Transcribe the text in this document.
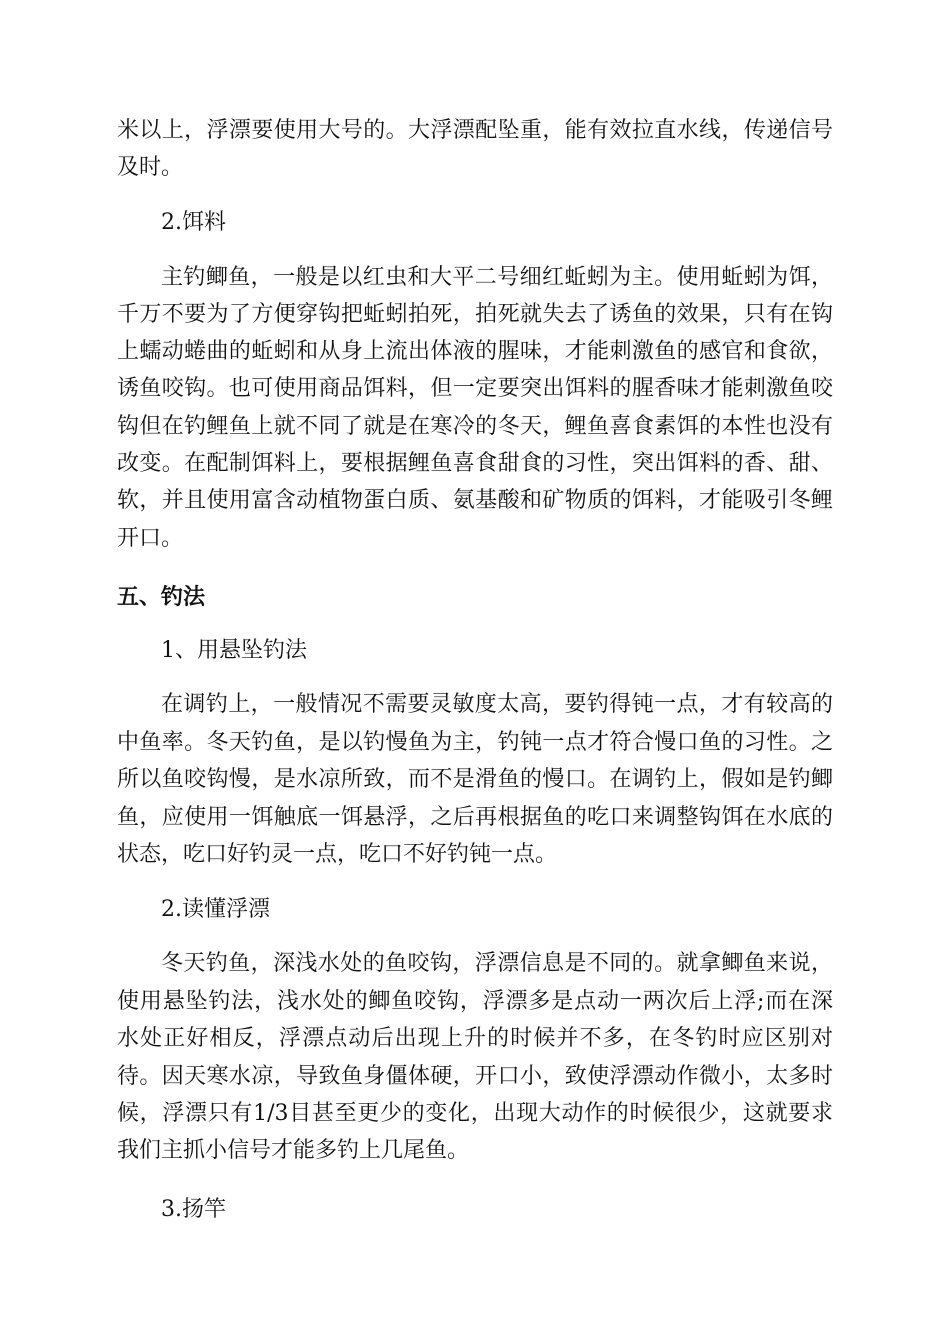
米以上，浮漂要使用大号的。大浮漂配坠重，能有效拉直水线，传递信号
及时。
2.饵料
主钓鲫鱼，一般是以红虫和大平二号细红蚯蚓为主。使用蚯蚓为饵，
千万不要为了方便穿钩把蚯蚓拍死，拍死就失去了诱鱼的效果，只有在钩
上蠕动蜷曲的蚯蚓和从身上流出体液的腥味，才能刺激鱼的感官和食欲，
诱鱼咬钩。也可使用商品饵料，但一定要突出饵料的腥香味才能刺激鱼咬
钩但在钓鲤鱼上就不同了就是在寒冷的冬天，鲤鱼喜食素饵的本性也没有
改变。在配制饵料上，要根据鲤鱼喜食甜食的习性，突出饵料的香、甜、
软，并且使用富含动植物蛋白质、氨基酸和矿物质的饵料，才能吸引冬鲤
开口。
五、钓法
1、用悬坠钓法
在调钓上，一般情况不需要灵敏度太高，要钓得钝一点，才有较高的
中鱼率。冬天钓鱼，是以钓慢鱼为主，钓钝一点才符合慢口鱼的习性。之
所以鱼咬钩慢，是水凉所致，而不是滑鱼的慢口。在调钓上，假如是钓鲫
鱼，应使用一饵触底一饵悬浮，之后再根据鱼的吃口来调整钩饵在水底的
状态，吃口好钓灵一点，吃口不好钓钝一点。
2.读懂浮漂
冬天钓鱼，深浅水处的鱼咬钩，浮漂信息是不同的。就拿鲫鱼来说，
使用悬坠钓法，浅水处的鲫鱼咬钩，浮漂多是点动一两次后上浮;而在深
水处正好相反，浮漂点动后出现上升的时候并不多，在冬钓时应区别对
待。因天寒水凉，导致鱼身僵体硬，开口小，致使浮漂动作微小，太多时
候，浮漂只有1/3目甚至更少的变化，出现大动作的时候很少，这就要求
我们主抓小信号才能多钓上几尾鱼。
3.扬竿
